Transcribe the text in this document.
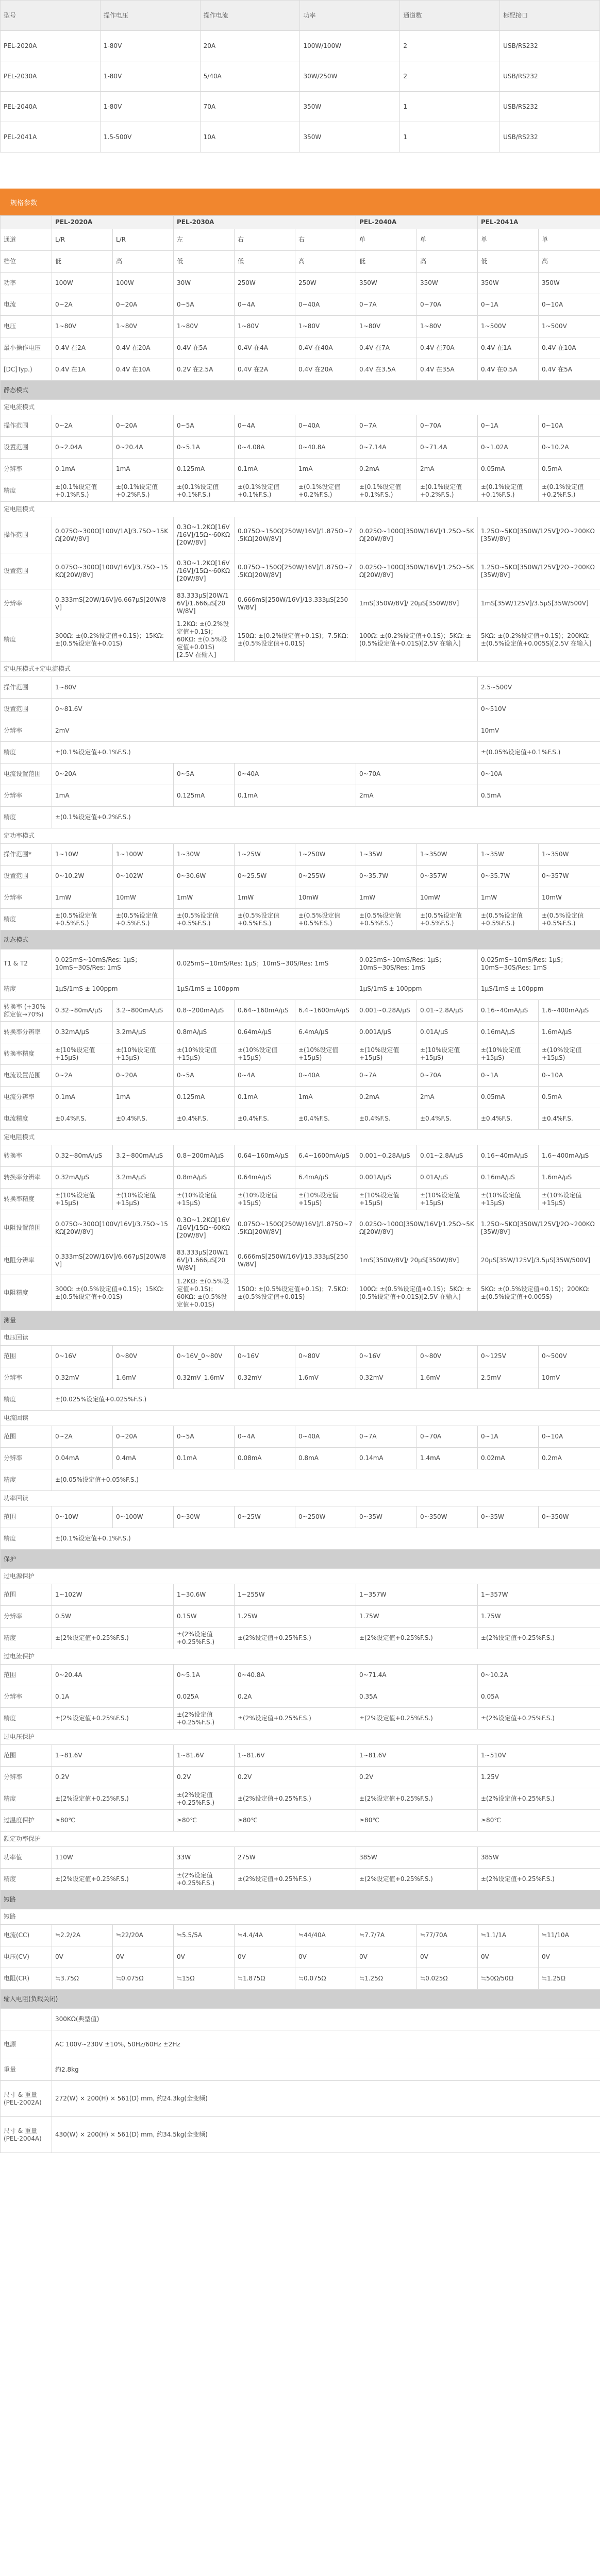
型号	操作电压	操作电流	功率	通道数	标配接口
PEL-2020A	1-80V	20A	100W/100W	2	USB/RS232
PEL-2030A	1-80V	5/40A	30W/250W	2	USB/RS232
PEL-2040A	1-80V	70A	350W	1	USB/RS232
PEL-2041A	1.5-500V	10A	350W	1	USB/RS232
规格参数
	PEL-2020A		PEL-2030A			PEL-2040A		PEL-2041A	
通道	L/R	L/R	左	右	右	单	单	单	单
档位	低	高	低	低	高	低	高	低	高
功率	100W	100W	30W	250W	250W	350W	350W	350W	350W
电流	0~2A	0~20A	0~5A	0~4A	0~40A	0~7A	0~70A	0~1A	0~10A
电压	1~80V	1~80V	1~80V	1~80V	1~80V	1~80V	1~80V	1~500V	1~500V
最小操作电压	0.4V 在2A	0.4V 在20A	0.4V 在5A	0.4V 在4A	0.4V 在40A	0.4V 在7A	0.4V 在70A	0.4V 在1A	0.4V 在10A
[DC]Typ.)	0.4V 在1A	0.4V 在10A	0.2V 在2.5A	0.4V 在2A	0.4V 在20A	0.4V 在3.5A	0.4V 在35A	0.4V 在0.5A	0.4V 在5A
静态模式									
定电流模式									
操作范围	0~2A	0~20A	0~5A	0~4A	0~40A	0~7A	0~70A	0~1A	0~10A
设置范围	0~2.04A	0~20.4A	0~5.1A	0~4.08A	0~40.8A	0~7.14A	0~71.4A	0~1.02A	0~10.2A
分辨率	0.1mA	1mA	0.125mA	0.1mA	1mA	0.2mA	2mA	0.05mA	0.5mA
精度	±(0.1%设定值+0.1%F.S.)	±(0.1%设定值+0.2%F.S.)	±(0.1%设定值+0.1%F.S.)	±(0.1%设定值+0.1%F.S.)	±(0.1%设定值+0.2%F.S.)	±(0.1%设定值+0.1%F.S.)	±(0.1%设定值+0.2%F.S.)	±(0.1%设定值+0.1%F.S.)	±(0.1%设定值+0.2%F.S.)
定电阻模式									
操作范围	0.075Ω~300Ω[100V/1A]/3.75Ω~15KΩ[20W/8V]		0.3Ω~1.2KΩ[16V/16V]/15Ω~60KΩ[20W/8V]	0.075Ω~150Ω[250W/16V]/1.875Ω~7.5KΩ[20W/8V]		0.025Ω~100Ω[350W/16V]/1.25Ω~5KΩ[20W/8V]		1.25Ω~5KΩ[350W/125V]/2Ω~200KΩ[35W/8V]	
设置范围	0.075Ω~300Ω[100V/16V]/3.75Ω~15KΩ[20W/8V]		0.3Ω~1.2KΩ[16V/16V]/15Ω~60KΩ[20W/8V]	0.075Ω~150Ω[250W/16V]/1.875Ω~7.5KΩ[20W/8V]		0.025Ω~100Ω[350W/16V]/1.25Ω~5KΩ[20W/8V]		1.25Ω~5KΩ[350W/125V]/2Ω~200KΩ[35W/8V]	
分辨率	0.333mS[20W/16V]/6.667μS[20W/8V]		83.333μS[20W/16V]/1.666μS[20W/8V]	0.666mS[250W/16V]/13.333μS[250W/8V]		1mS[350W/8V]/ 20μS[350W/8V]		1mS[35W/125V]/3.5μS[35W/500V]	
精度	300Ω: ±(0.2%设定值+0.1S)；15KΩ: ±(0.5%设定值+0.01S)		1.2KΩ: ±(0.2%设定值+0.1S)；60KΩ: ±(0.5%设定值+0.01S)[2.5V 在输入]	150Ω: ±(0.2%设定值+0.1S)；7.5KΩ: ±(0.5%设定值+0.01S)		100Ω: ±(0.2%设定值+0.1S)；5KΩ: ±(0.5%设定值+0.01S)[2.5V 在输入]		5KΩ: ±(0.2%设定值+0.1S)；200KΩ: ±(0.5%设定值+0.005S)[2.5V 在输入]	
定电压模式+定电流模式									
操作范围	1~80V							2.5~500V	
设置范围	0~81.6V							0~510V	
分辨率	2mV							10mV	
精度	±(0.1%设定值+0.1%F.S.)							±(0.05%设定值+0.1%F.S.)	
电流设置范围	0~20A		0~5A	0~40A		0~70A		0~10A	
分辨率	1mA		0.125mA	0.1mA		2mA		0.5mA	
精度	±(0.1%设定值+0.2%F.S.)								
定功率模式									
操作范围*	1~10W	1~100W	1~30W	1~25W	1~250W	1~35W	1~350W	1~35W	1~350W
设置范围	0~10.2W	0~102W	0~30.6W	0~25.5W	0~255W	0~35.7W	0~357W	0~35.7W	0~357W
分辨率	1mW	10mW	1mW	1mW	10mW	1mW	10mW	1mW	10mW
精度	±(0.5%设定值+0.5%F.S.)	±(0.5%设定值+0.5%F.S.)	±(0.5%设定值+0.5%F.S.)	±(0.5%设定值+0.5%F.S.)	±(0.5%设定值+0.5%F.S.)	±(0.5%设定值+0.5%F.S.)	±(0.5%设定值+0.5%F.S.)	±(0.5%设定值+0.5%F.S.)	±(0.5%设定值+0.5%F.S.)
动态模式									
T1 & T2	0.025mS~10mS/Res: 1μS；10mS~30S/Res: 1mS		0.025mS~10mS/Res: 1μS；10mS~30S/Res: 1mS			0.025mS~10mS/Res: 1μS；10mS~30S/Res: 1mS		0.025mS~10mS/Res: 1μS；10mS~30S/Res: 1mS	
精度	1μS/1mS ± 100ppm		1μS/1mS ± 100ppm			1μS/1mS ± 100ppm		1μS/1mS ± 100ppm	
转换率 (+30%额定值→70%)	0.32~80mA/μS	3.2~800mA/μS	0.8~200mA/μS	0.64~160mA/μS	6.4~1600mA/μS	0.001~0.28A/μS	0.01~2.8A/μS	0.16~40mA/μS	1.6~400mA/μS
转换率分辨率	0.32mA/μS	3.2mA/μS	0.8mA/μS	0.64mA/μS	6.4mA/μS	0.001A/μS	0.01A/μS	0.16mA/μS	1.6mA/μS
转换率精度	±(10%设定值+15μS)	±(10%设定值+15μS)	±(10%设定值+15μS)	±(10%设定值+15μS)	±(10%设定值+15μS)	±(10%设定值+15μS)	±(10%设定值+15μS)	±(10%设定值+15μS)	±(10%设定值+15μS)
电流设置范围	0~2A	0~20A	0~5A	0~4A	0~40A	0~7A	0~70A	0~1A	0~10A
电流分辨率	0.1mA	1mA	0.125mA	0.1mA	1mA	0.2mA	2mA	0.05mA	0.5mA
电流精度	±0.4%F.S.	±0.4%F.S.	±0.4%F.S.	±0.4%F.S.	±0.4%F.S.	±0.4%F.S.	±0.4%F.S.	±0.4%F.S.	±0.4%F.S.
定电阻模式									
转换率	0.32~80mA/μS	3.2~800mA/μS	0.8~200mA/μS	0.64~160mA/μS	6.4~1600mA/μS	0.001~0.28A/μS	0.01~2.8A/μS	0.16~40mA/μS	1.6~400mA/μS
转换率分辨率	0.32mA/μS	3.2mA/μS	0.8mA/μS	0.64mA/μS	6.4mA/μS	0.001A/μS	0.01A/μS	0.16mA/μS	1.6mA/μS
转换率精度	±(10%设定值+15μS)	±(10%设定值+15μS)	±(10%设定值+15μS)	±(10%设定值+15μS)	±(10%设定值+15μS)	±(10%设定值+15μS)	±(10%设定值+15μS)	±(10%设定值+15μS)	±(10%设定值+15μS)
电阻设置范围	0.075Ω~300Ω[100V/16V]/3.75Ω~15KΩ[20W/8V]		0.3Ω~1.2KΩ[16V/16V]/15Ω~60KΩ[20W/8V]	0.075Ω~150Ω[250W/16V]/1.875Ω~7.5KΩ[20W/8V]		0.025Ω~100Ω[350W/16V]/1.25Ω~5KΩ[20W/8V]		1.25Ω~5KΩ[350W/125V]/2Ω~200KΩ[35W/8V]	
电阻分辨率	0.333mS[20W/16V]/6.667μS[20W/8V]		83.333μS[20W/16V]/1.666μS[20W/8V]	0.666mS[250W/16V]/13.333μS[250W/8V]		1mS[350W/8V]/ 20μS[350W/8V]		20μS[35W/125V]/3.5μS[35W/500V]	
电阻精度	300Ω: ±(0.5%设定值+0.1S)；15KΩ: ±(0.5%设定值+0.01S)		1.2KΩ: ±(0.5%设定值+0.1S)；60KΩ: ±(0.5%设定值+0.01S)	150Ω: ±(0.5%设定值+0.1S)；7.5KΩ: ±(0.5%设定值+0.01S)		100Ω: ±(0.5%设定值+0.1S)；5KΩ: ±(0.5%设定值+0.01S)[2.5V 在输入]		5KΩ: ±(0.5%设定值+0.1S)；200KΩ: ±(0.5%设定值+0.005S)	
测量									
电压回读									
范围	0~16V	0~80V	0~16V_0~80V	0~16V	0~80V	0~16V	0~80V	0~125V	0~500V
分辨率	0.32mV	1.6mV	0.32mV_1.6mV	0.32mV	1.6mV	0.32mV	1.6mV	2.5mV	10mV
精度	±(0.025%设定值+0.025%F.S.)								
电流回读									
范围	0~2A	0~20A	0~5A	0~4A	0~40A	0~7A	0~70A	0~1A	0~10A
分辨率	0.04mA	0.4mA	0.1mA	0.08mA	0.8mA	0.14mA	1.4mA	0.02mA	0.2mA
精度	±(0.05%设定值+0.05%F.S.)								
功率回读									
范围	0~10W	0~100W	0~30W	0~25W	0~250W	0~35W	0~350W	0~35W	0~350W
精度	±(0.1%设定值+0.1%F.S.)								
保护									
过电源保护									
范围	1~102W		1~30.6W	1~255W		1~357W		1~357W	
分辨率	0.5W		0.15W	1.25W		1.75W		1.75W	
精度	±(2%设定值+0.25%F.S.)		±(2%设定值+0.25%F.S.)	±(2%设定值+0.25%F.S.)		±(2%设定值+0.25%F.S.)		±(2%设定值+0.25%F.S.)	
过电流保护									
范围	0~20.4A		0~5.1A	0~40.8A		0~71.4A		0~10.2A	
分辨率	0.1A		0.025A	0.2A		0.35A		0.05A	
精度	±(2%设定值+0.25%F.S.)		±(2%设定值+0.25%F.S.)	±(2%设定值+0.25%F.S.)		±(2%设定值+0.25%F.S.)		±(2%设定值+0.25%F.S.)	
过电压保护									
范围	1~81.6V		1~81.6V	1~81.6V		1~81.6V		1~510V	
分辨率	0.2V		0.2V	0.2V		0.2V		1.25V	
精度	±(2%设定值+0.25%F.S.)		±(2%设定值+0.25%F.S.)	±(2%设定值+0.25%F.S.)		±(2%设定值+0.25%F.S.)		±(2%设定值+0.25%F.S.)	
过温度保护	≥80℃		≥80℃	≥80℃		≥80℃		≥80℃	
额定功率保护									
功率值	110W		33W	275W		385W		385W	
精度	±(2%设定值+0.25%F.S.)		±(2%设定值+0.25%F.S.)	±(2%设定值+0.25%F.S.)		±(2%设定值+0.25%F.S.)		±(2%设定值+0.25%F.S.)	
短路									
短路									
电流(CC)	≒2.2/2A	≒22/20A	≒5.5/5A	≒4.4/4A	≒44/40A	≒7.7/7A	≒77/70A	≒1.1/1A	≒11/10A
电压(CV)	0V	0V	0V	0V	0V	0V	0V	0V	0V
电阻(CR)	≒3.75Ω	≒0.075Ω	≒15Ω	≒1.875Ω	≒0.075Ω	≒1.25Ω	≒0.025Ω	≒50Ω/50Ω	≒1.25Ω
输入电阻(负载关闭)									
	300KΩ(典型值)								
电源	AC 100V~230V ±10%, 50Hz/60Hz ±2Hz								
重量	约2.8kg								
尺寸 & 重量 (PEL-2002A)	272(W) × 200(H) × 561(D) mm, 约24.3kg(全变频)								
尺寸 & 重量 (PEL-2004A)	430(W) × 200(H) × 561(D) mm, 约34.5kg(全变频)								
